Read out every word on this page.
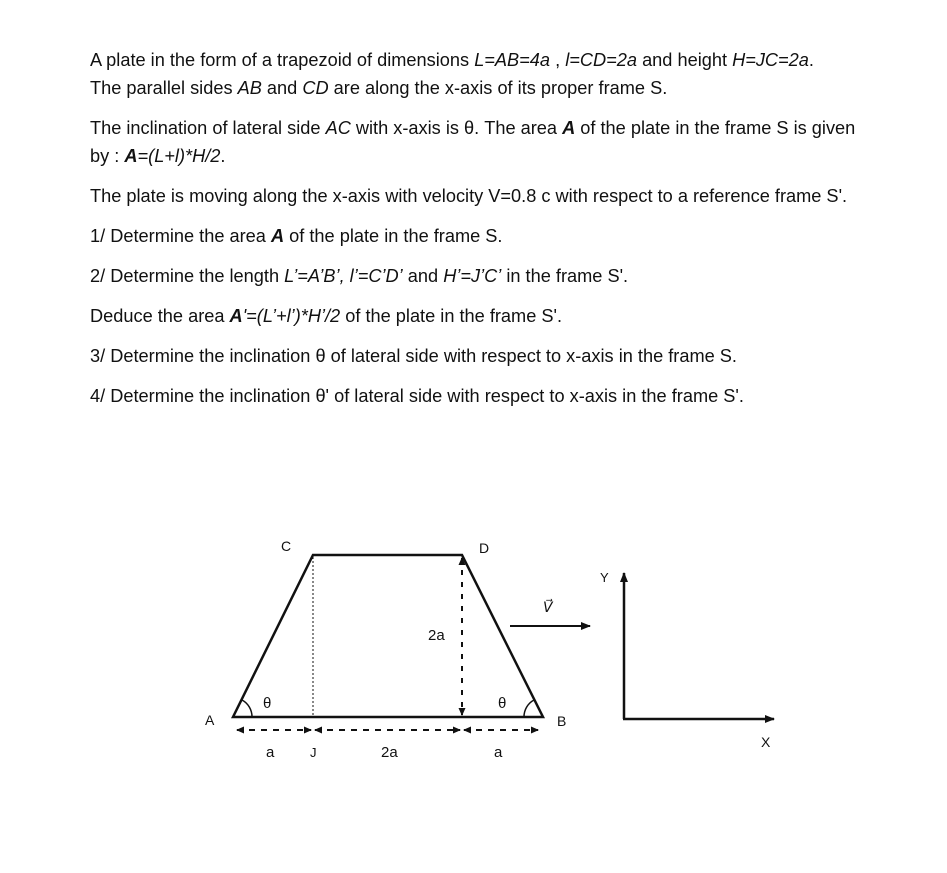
A plate in the form of a trapezoid of dimensions L=AB=4a , l=CD=2a and height H=JC=2a.
The parallel sides AB and CD are along the x-axis of its proper frame S.

The inclination of lateral side AC with x-axis is θ. The area A of the plate in the frame S is given by : A=(L+l)*H/2.

The plate is moving along the x-axis with velocity V=0.8 c with respect to a reference frame S'.

1/ Determine the area A of the plate in the frame S.

2/ Determine the length L’=A’B’, l’=C’D’ and H’=J’C’ in the frame S'.

Deduce the area A'=(L’+l’)*H’/2 of the plate in the frame S'.

3/ Determine the inclination θ of lateral side with respect to x-axis in the frame S.

4/ Determine the inclination θ' of lateral side with respect to x-axis in the frame S'.

A	B
C	D
J
θ	θ
2a
a	2a	a
V⃗
Y
X
